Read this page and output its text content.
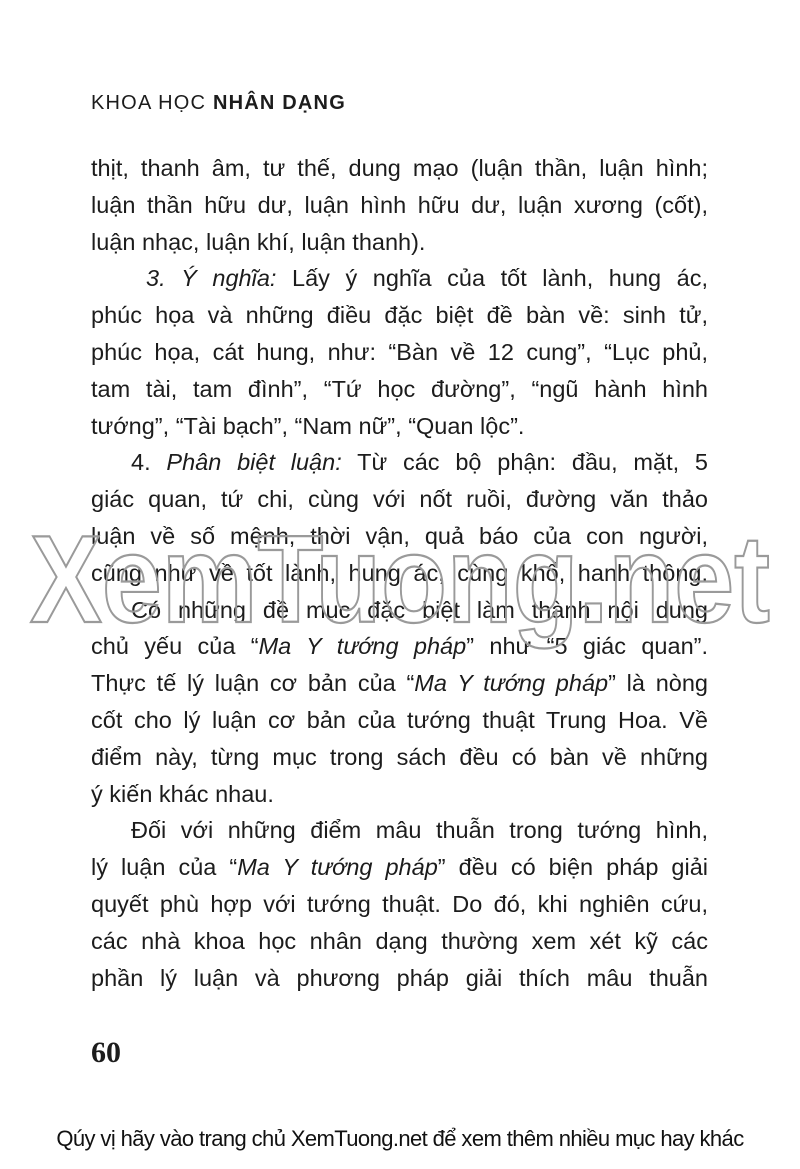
KHOA HỌC NHÂN DẠNG
thịt, thanh âm, tư thế, dung mạo (luận thần, luận hình;
luận thần hữu dư, luận hình hữu dư, luận xương (cốt),
luận nhạc, luận khí, luận thanh).
3. Ý nghĩa: Lấy ý nghĩa của tốt lành, hung ác,
phúc họa và những điều đặc biệt đề bàn về: sinh tử,
phúc họa, cát hung, như: “Bàn về 12 cung”, “Lục phủ,
tam tài, tam đình”, “Tứ học đường”, “ngũ hành hình
tướng”, “Tài bạch”, “Nam nữ”, “Quan lộc”.
4. Phân biệt luận: Từ các bộ phận: đầu, mặt, 5
giác quan, tứ chi, cùng với nốt ruồi, đường văn thảo
luận về số mệnh, thời vận, quả báo của con người,
cũng như về tốt lành, hung ác, cùng khổ, hanh thông.
Có những đề mục đặc biệt làm thành nội dung
chủ yếu của “Ma Y tướng pháp” như “5 giác quan”.
Thực tế lý luận cơ bản của “Ma Y tướng pháp” là nòng
cốt cho lý luận cơ bản của tướng thuật Trung Hoa. Về
điểm này, từng mục trong sách đều có bàn về những
ý kiến khác nhau.
Đối với những điểm mâu thuẫn trong tướng hình,
lý luận của “Ma Y tướng pháp” đều có biện pháp giải
quyết phù hợp với tướng thuật. Do đó, khi nghiên cứu,
các nhà khoa học nhân dạng thường xem xét kỹ các
phần lý luận và phương pháp giải thích mâu thuẫn
XemTuong.net
60
Qúy vị hãy vào trang chủ XemTuong.net để xem thêm nhiều mục hay khác
